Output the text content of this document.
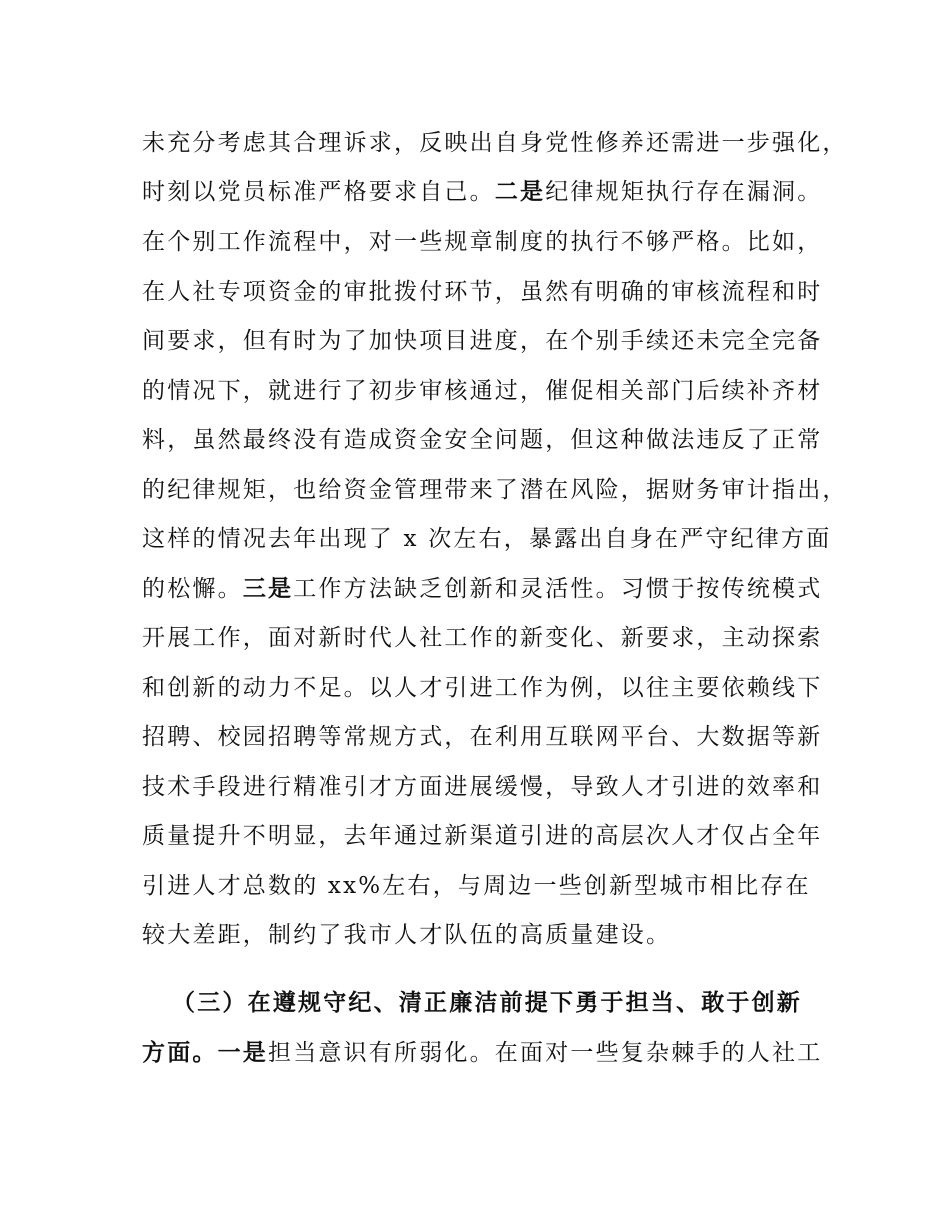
未充分考虑其合理诉求，反映出自身党性修养还需进一步强化，
时刻以党员标准严格要求自己。二是纪律规矩执行存在漏洞。
在个别工作流程中，对一些规章制度的执行不够严格。比如，
在人社专项资金的审批拨付环节，虽然有明确的审核流程和时
间要求，但有时为了加快项目进度，在个别手续还未完全完备
的情况下，就进行了初步审核通过，催促相关部门后续补齐材
料，虽然最终没有造成资金安全问题，但这种做法违反了正常
的纪律规矩，也给资金管理带来了潜在风险，据财务审计指出，
这样的情况去年出现了 x 次左右，暴露出自身在严守纪律方面
的松懈。三是工作方法缺乏创新和灵活性。习惯于按传统模式
开展工作，面对新时代人社工作的新变化、新要求，主动探索
和创新的动力不足。以人才引进工作为例，以往主要依赖线下
招聘、校园招聘等常规方式，在利用互联网平台、大数据等新
技术手段进行精准引才方面进展缓慢，导致人才引进的效率和
质量提升不明显，去年通过新渠道引进的高层次人才仅占全年
引进人才总数的 xx%左右，与周边一些创新型城市相比存在
较大差距，制约了我市人才队伍的高质量建设。
（三）在遵规守纪、清正廉洁前提下勇于担当、敢于创新
方面。一是担当意识有所弱化。在面对一些复杂棘手的人社工
